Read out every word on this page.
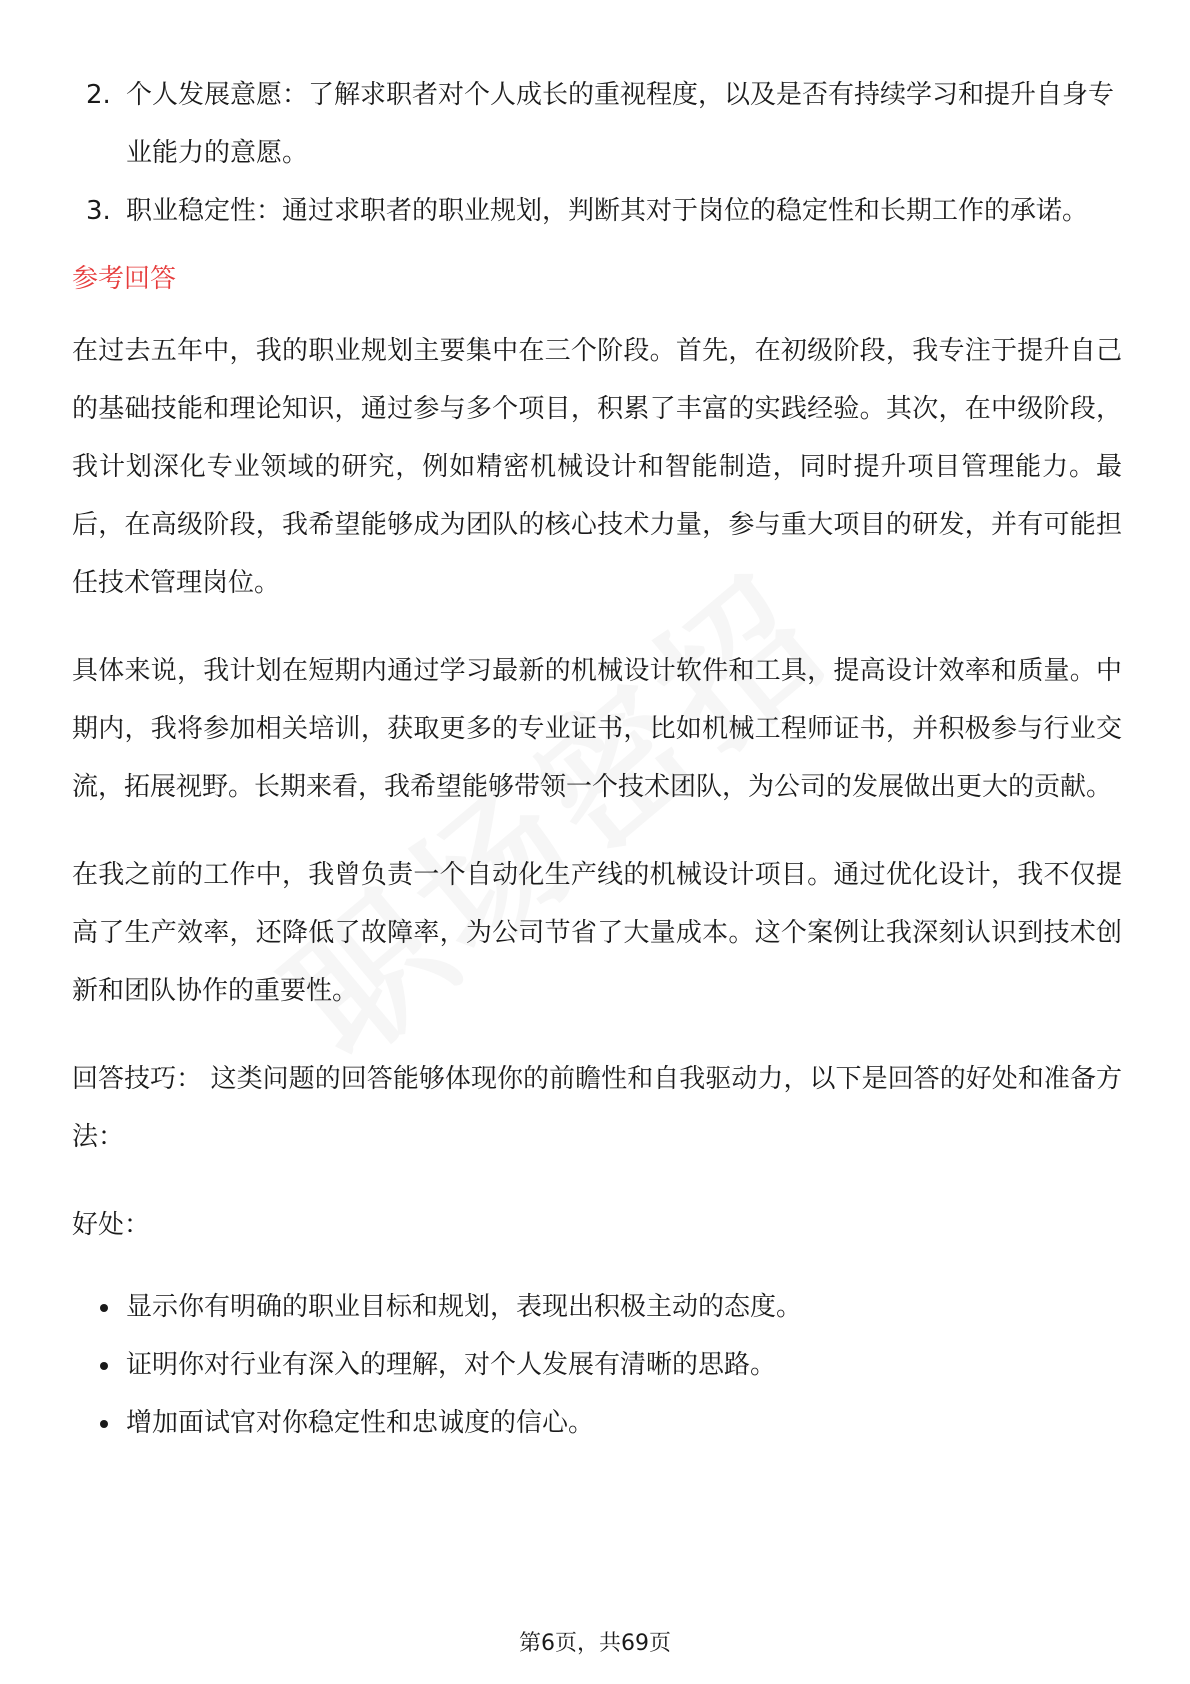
2. 个人发展意愿：了解求职者对个人成长的重视程度，以及是否有持续学习和提升自身专业能力的意愿。
3. 职业稳定性：通过求职者的职业规划，判断其对于岗位的稳定性和长期工作的承诺。
参考回答

在过去五年中，我的职业规划主要集中在三个阶段。首先，在初级阶段，我专注于提升自己的基础技能和理论知识，通过参与多个项目，积累了丰富的实践经验。其次，在中级阶段，我计划深化专业领域的研究，例如精密机械设计和智能制造，同时提升项目管理能力。最后，在高级阶段，我希望能够成为团队的核心技术力量，参与重大项目的研发，并有可能担任技术管理岗位。

具体来说，我计划在短期内通过学习最新的机械设计软件和工具，提高设计效率和质量。中期内，我将参加相关培训，获取更多的专业证书，比如机械工程师证书，并积极参与行业交流，拓展视野。长期来看，我希望能够带领一个技术团队，为公司的发展做出更大的贡献。

在我之前的工作中，我曾负责一个自动化生产线的机械设计项目。通过优化设计，我不仅提高了生产效率，还降低了故障率，为公司节省了大量成本。这个案例让我深刻认识到技术创新和团队协作的重要性。

回答技巧： 这类问题的回答能够体现你的前瞻性和自我驱动力，以下是回答的好处和准备方法：

好处：

显示你有明确的职业目标和规划，表现出积极主动的态度。
证明你对行业有深入的理解，对个人发展有清晰的思路。
增加面试官对你稳定性和忠诚度的信心。
第6页，共69页
